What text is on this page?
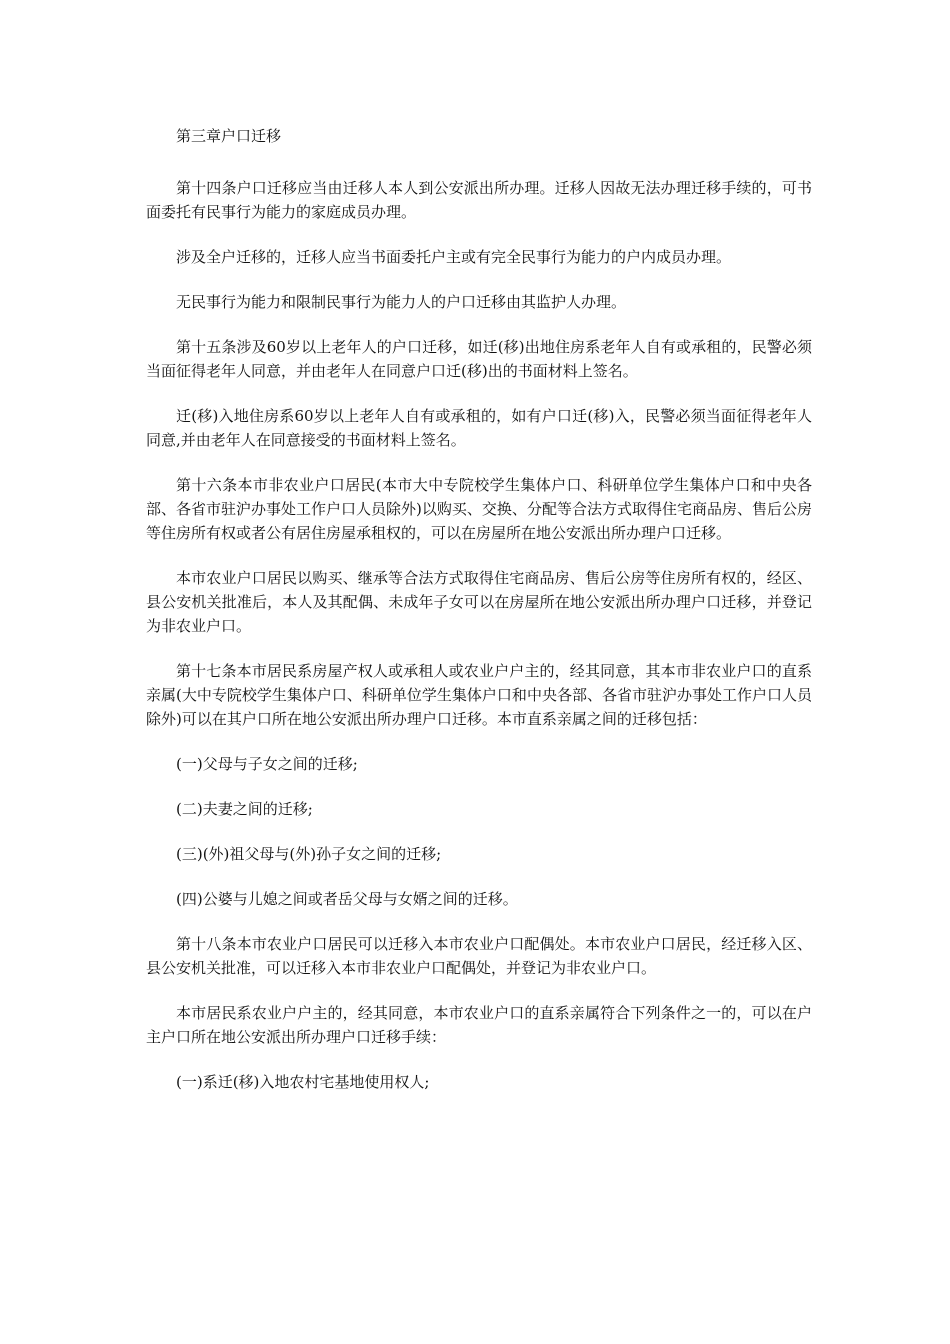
第三章户口迁移

第十四条户口迁移应当由迁移人本人到公安派出所办理。迁移人因故无法办理迁移手续的，可书面委托有民事行为能力的家庭成员办理。

涉及全户迁移的，迁移人应当书面委托户主或有完全民事行为能力的户内成员办理。

无民事行为能力和限制民事行为能力人的户口迁移由其监护人办理。

第十五条涉及60岁以上老年人的户口迁移，如迁(移)出地住房系老年人自有或承租的，民警必须当面征得老年人同意，并由老年人在同意户口迁(移)出的书面材料上签名。

迁(移)入地住房系60岁以上老年人自有或承租的，如有户口迁(移)入，民警必须当面征得老年人同意,并由老年人在同意接受的书面材料上签名。

第十六条本市非农业户口居民(本市大中专院校学生集体户口、科研单位学生集体户口和中央各部、各省市驻沪办事处工作户口人员除外)以购买、交换、分配等合法方式取得住宅商品房、售后公房等住房所有权或者公有居住房屋承租权的，可以在房屋所在地公安派出所办理户口迁移。

本市农业户口居民以购买、继承等合法方式取得住宅商品房、售后公房等住房所有权的，经区、县公安机关批准后，本人及其配偶、未成年子女可以在房屋所在地公安派出所办理户口迁移，并登记为非农业户口。

第十七条本市居民系房屋产权人或承租人或农业户户主的，经其同意，其本市非农业户口的直系亲属(大中专院校学生集体户口、科研单位学生集体户口和中央各部、各省市驻沪办事处工作户口人员除外)可以在其户口所在地公安派出所办理户口迁移。本市直系亲属之间的迁移包括：

(一)父母与子女之间的迁移;

(二)夫妻之间的迁移;

(三)(外)祖父母与(外)孙子女之间的迁移;

(四)公婆与儿媳之间或者岳父母与女婿之间的迁移。

第十八条本市农业户口居民可以迁移入本市农业户口配偶处。本市农业户口居民，经迁移入区、县公安机关批准，可以迁移入本市非农业户口配偶处，并登记为非农业户口。

本市居民系农业户户主的，经其同意，本市农业户口的直系亲属符合下列条件之一的，可以在户主户口所在地公安派出所办理户口迁移手续：

(一)系迁(移)入地农村宅基地使用权人;
